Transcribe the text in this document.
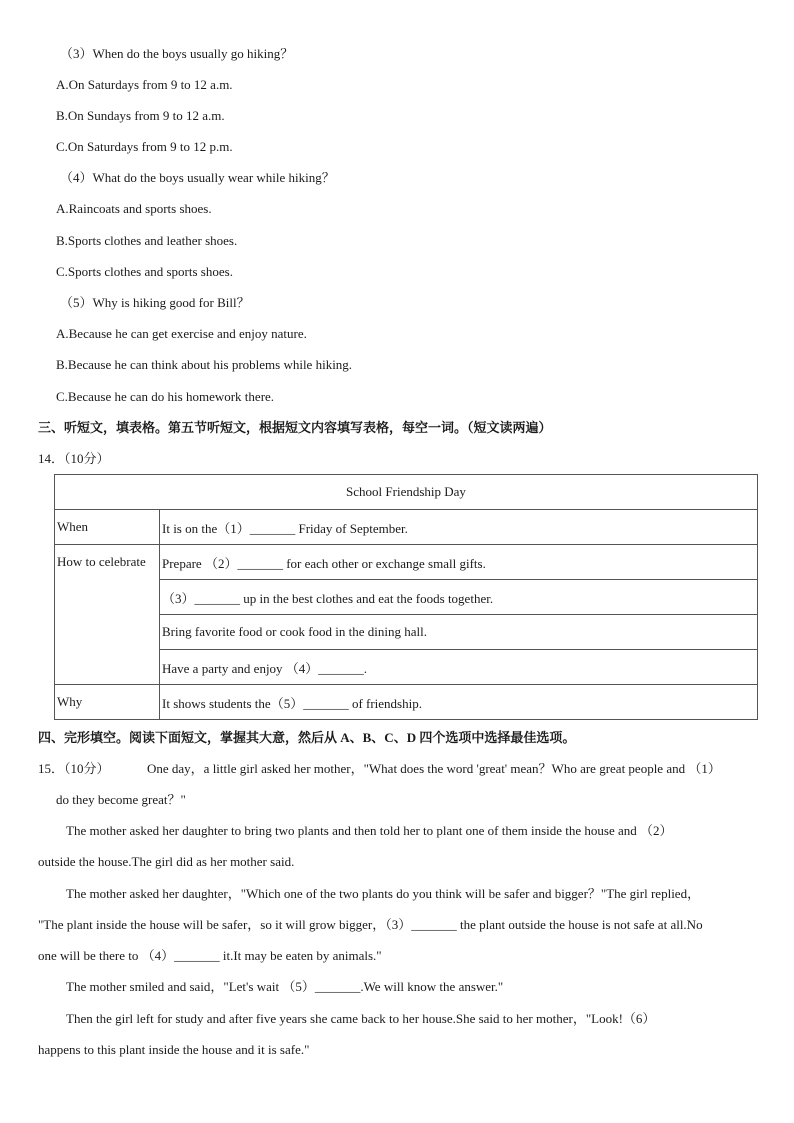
（3）When do the boys usually go hiking？
A.On Saturdays from 9 to 12 a.m.
B.On Sundays from 9 to 12 a.m.
C.On Saturdays from 9 to 12 p.m.
（4）What do the boys usually wear while hiking？
A.Raincoats and sports shoes.
B.Sports clothes and leather shoes.
C.Sports clothes and sports shoes.
（5）Why is hiking good for Bill？
A.Because he can get exercise and enjoy nature.
B.Because he can think about his problems while hiking.
C.Because he can do his homework there.
三、听短文，填表格。第五节听短文，根据短文内容填写表格，每空一词。（短文读两遍）
14．（10分）
School Friendship Day	
When	It is on the（1）_______ Friday of September.
How to celebrate	Prepare （2）_______ for each other or exchange small gifts.
	（3）_______ up in the best clothes and eat the foods together.
	Bring favorite food or cook food in the dining hall.
	Have a party and enjoy （4）_______.
Why	It shows students the（5）_______ of friendship.
四、完形填空。阅读下面短文，掌握其大意，然后从 A、B、C、D 四个选项中选择最佳选项。
15．（10分）	One day，a little girl asked her mother，"What does the word 'great' mean？Who are great people and （1）
do they become great？"
The mother asked her daughter to bring two plants and then told her to plant one of them inside the house and （2）
outside the house.The girl did as her mother said.
The mother asked her daughter，"Which one of the two plants do you think will be safer and bigger？"The girl replied，
"The plant inside the house will be safer，so it will grow bigger，（3）_______ the plant outside the house is not safe at all.No
one will be there to （4）_______ it.It may be eaten by animals."
The mother smiled and said，"Let's wait （5）_______.We will know the answer."
Then the girl left for study and after five years she came back to her house.She said to her mother，"Look!（6）
happens to this plant inside the house and it is safe."
